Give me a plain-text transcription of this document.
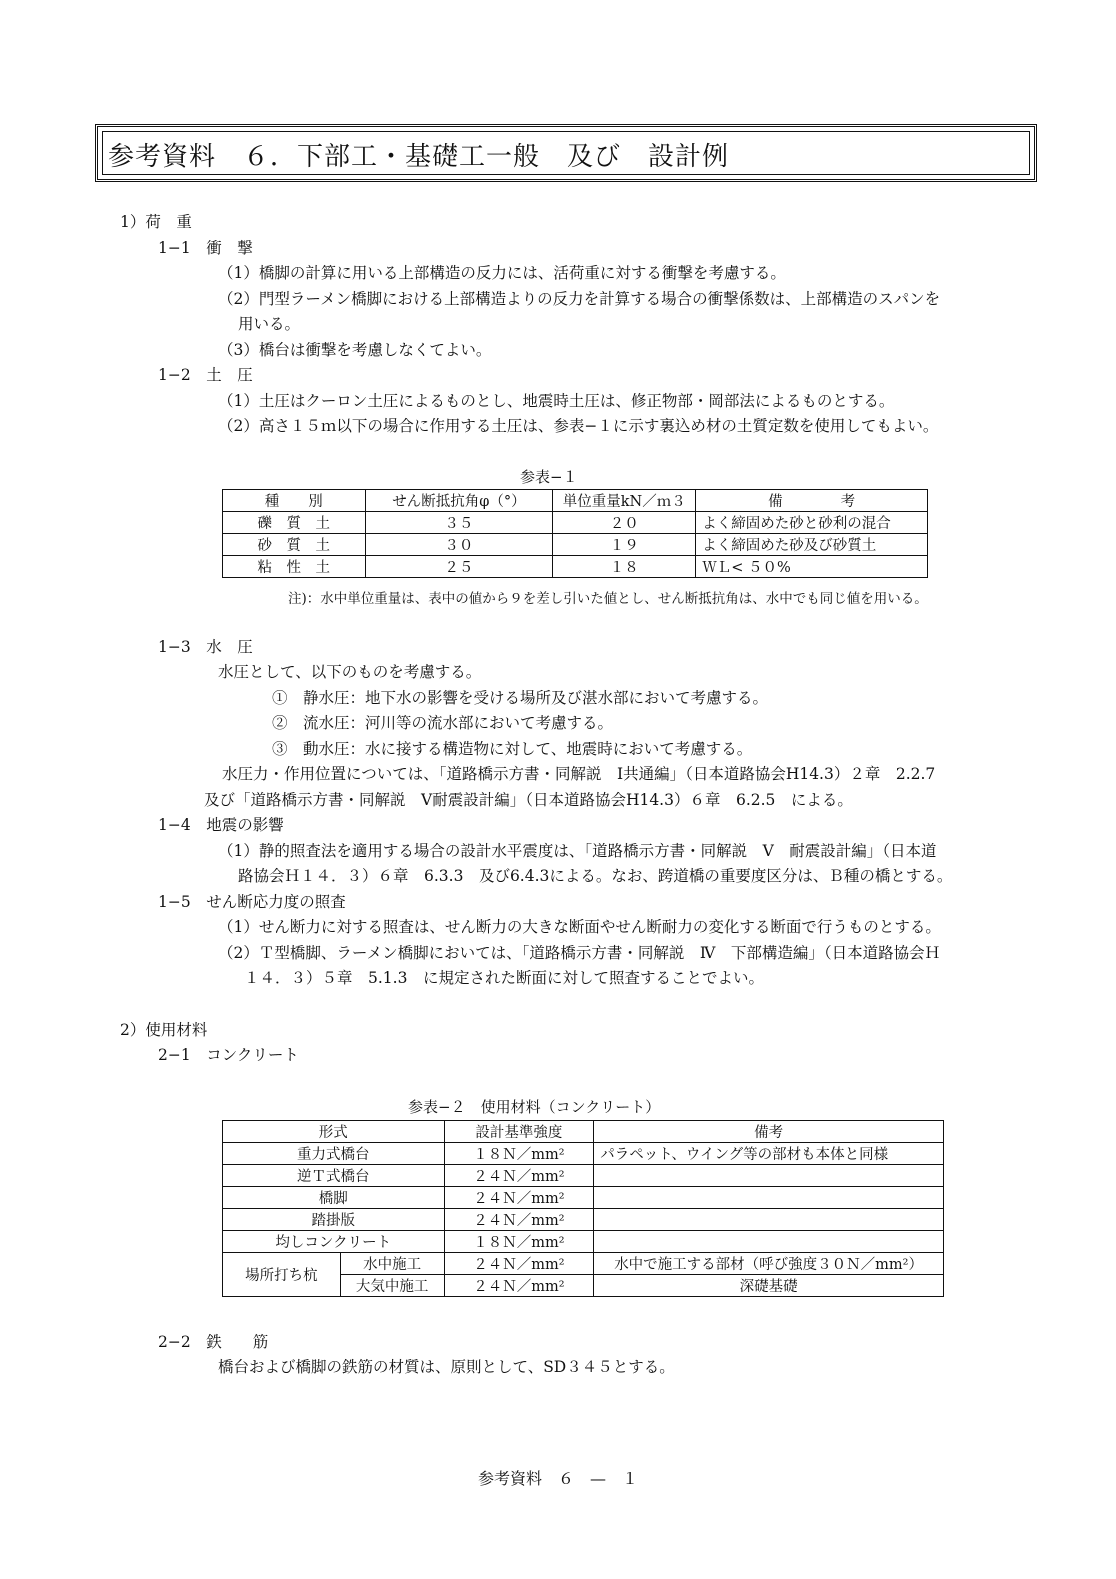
参考資料　６．下部工・基礎工一般　及び　設計例
1）荷　重
1−1　衝　撃
（1）橋脚の計算に用いる上部構造の反力には、活荷重に対する衝撃を考慮する。
（2）門型ラーメン橋脚における上部構造よりの反力を計算する場合の衝撃係数は、上部構造のスパンを
用いる。
（3）橋台は衝撃を考慮しなくてよい。
1−2　土　圧
（1）土圧はクーロン土圧によるものとし、地震時土圧は、修正物部・岡部法によるものとする。
（2）高さ１５ｍ以下の場合に作用する土圧は、参表−１に示す裏込め材の土質定数を使用してもよい。
参表−１
種　　別	せん断抵抗角φ（°）	単位重量kN／ｍ３	備　　　　考
礫　質　土	３５	２０	よく締固めた砂と砂利の混合
砂　質　土	３０	１９	よく締固めた砂及び砂質土
粘　性　土	２５	１８	ＷＬ< ５０%
注)：水中単位重量は、表中の値から９を差し引いた値とし、せん断抵抗角は、水中でも同じ値を用いる。
1−3　水　圧
水圧として、以下のものを考慮する。
①　静水圧：地下水の影響を受ける場所及び湛水部において考慮する。
②　流水圧：河川等の流水部において考慮する。
③　動水圧：水に接する構造物に対して、地震時において考慮する。
水圧力・作用位置については、「道路橋示方書・同解説　Ⅰ共通編」（日本道路協会H14.3）２章　2.2.7
及び「道路橋示方書・同解説　Ⅴ耐震設計編」（日本道路協会H14.3）６章　6.2.5　による。
1−4　地震の影響
（1）静的照査法を適用する場合の設計水平震度は、「道路橋示方書・同解説　Ⅴ　耐震設計編」（日本道
路協会Ｈ１４．３）６章　6.3.3　及び6.4.3による。なお、跨道橋の重要度区分は、Ｂ種の橋とする。
1−5　せん断応力度の照査
（1）せん断力に対する照査は、せん断力の大きな断面やせん断耐力の変化する断面で行うものとする。
（2）Ｔ型橋脚、ラーメン橋脚においては、「道路橋示方書・同解説　Ⅳ　下部構造編」（日本道路協会Ｈ
１４．３）５章　5.1.3　に規定された断面に対して照査することでよい。
2）使用材料
2−1　コンクリート
参表−２　使用材料（コンクリート）
形式		設計基準強度	備考
重力式橋台		１８Ｎ／mm²	パラペット、ウイング等の部材も本体と同様
逆Ｔ式橋台		２４Ｎ／mm²	
橋脚		２４Ｎ／mm²	
踏掛版		２４Ｎ／mm²	
均しコンクリート		１８Ｎ／mm²	
場所打ち杭	水中施工	２４Ｎ／mm²	水中で施工する部材（呼び強度３０Ｎ／mm²）
	大気中施工	２４Ｎ／mm²	深礎基礎
2−2　鉄　　筋
橋台および橋脚の鉄筋の材質は、原則として、SD３４５とする。
参考資料　６　—　１
